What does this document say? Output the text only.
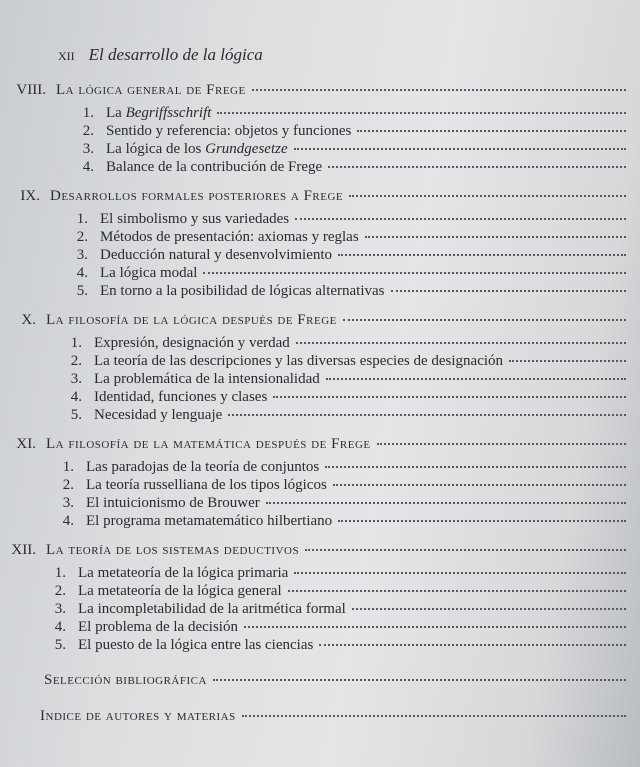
XII El desarrollo de la lógica
VIII. La lógica general de Frege
1. La Begriffsschrift
2. Sentido y referencia: objetos y funciones
3. La lógica de los Grundgesetze
4. Balance de la contribución de Frege
IX. Desarrollos formales posteriores a Frege
1. El simbolismo y sus variedades
2. Métodos de presentación: axiomas y reglas
3. Deducción natural y desenvolvimiento
4. La lógica modal
5. En torno a la posibilidad de lógicas alternativas
X. La filosofía de la lógica después de Frege
1. Expresión, designación y verdad
2. La teoría de las descripciones y las diversas especies de designación
3. La problemática de la intensionalidad
4. Identidad, funciones y clases
5. Necesidad y lenguaje
XI. La filosofía de la matemática después de Frege
1. Las paradojas de la teoría de conjuntos
2. La teoría russelliana de los tipos lógicos
3. El intuicionismo de Brouwer
4. El programa metamatemático hilbertiano
XII. La teoría de los sistemas deductivos
1. La metateoría de la lógica primaria
2. La metateoría de la lógica general
3. La incompletabilidad de la aritmética formal
4. El problema de la decisión
5. El puesto de la lógica entre las ciencias
Selección bibliográfica
Indice de autores y materias
